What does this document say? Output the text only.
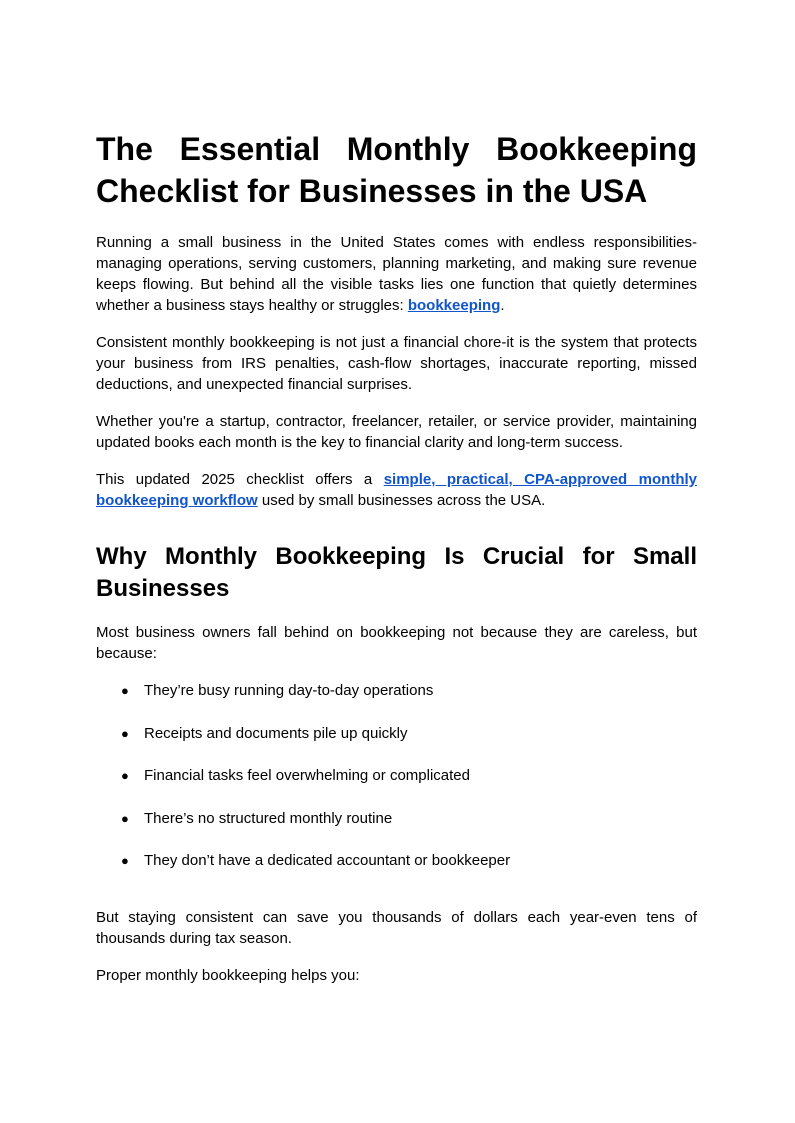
The Essential Monthly Bookkeeping Checklist for Businesses in the USA

Running a small business in the United States comes with endless responsibilities-managing operations, serving customers, planning marketing, and making sure revenue keeps flowing. But behind all the visible tasks lies one function that quietly determines whether a business stays healthy or struggles: bookkeeping.

Consistent monthly bookkeeping is not just a financial chore-it is the system that protects your business from IRS penalties, cash-flow shortages, inaccurate reporting, missed deductions, and unexpected financial surprises.

Whether you're a startup, contractor, freelancer, retailer, or service provider, maintaining updated books each month is the key to financial clarity and long-term success.

This updated 2025 checklist offers a simple, practical, CPA-approved monthly bookkeeping workflow used by small businesses across the USA.

Why Monthly Bookkeeping Is Crucial for Small Businesses

Most business owners fall behind on bookkeeping not because they are careless, but because:

● They’re busy running day-to-day operations
● Receipts and documents pile up quickly
● Financial tasks feel overwhelming or complicated
● There’s no structured monthly routine
● They don’t have a dedicated accountant or bookkeeper

But staying consistent can save you thousands of dollars each year-even tens of thousands during tax season.

Proper monthly bookkeeping helps you:
